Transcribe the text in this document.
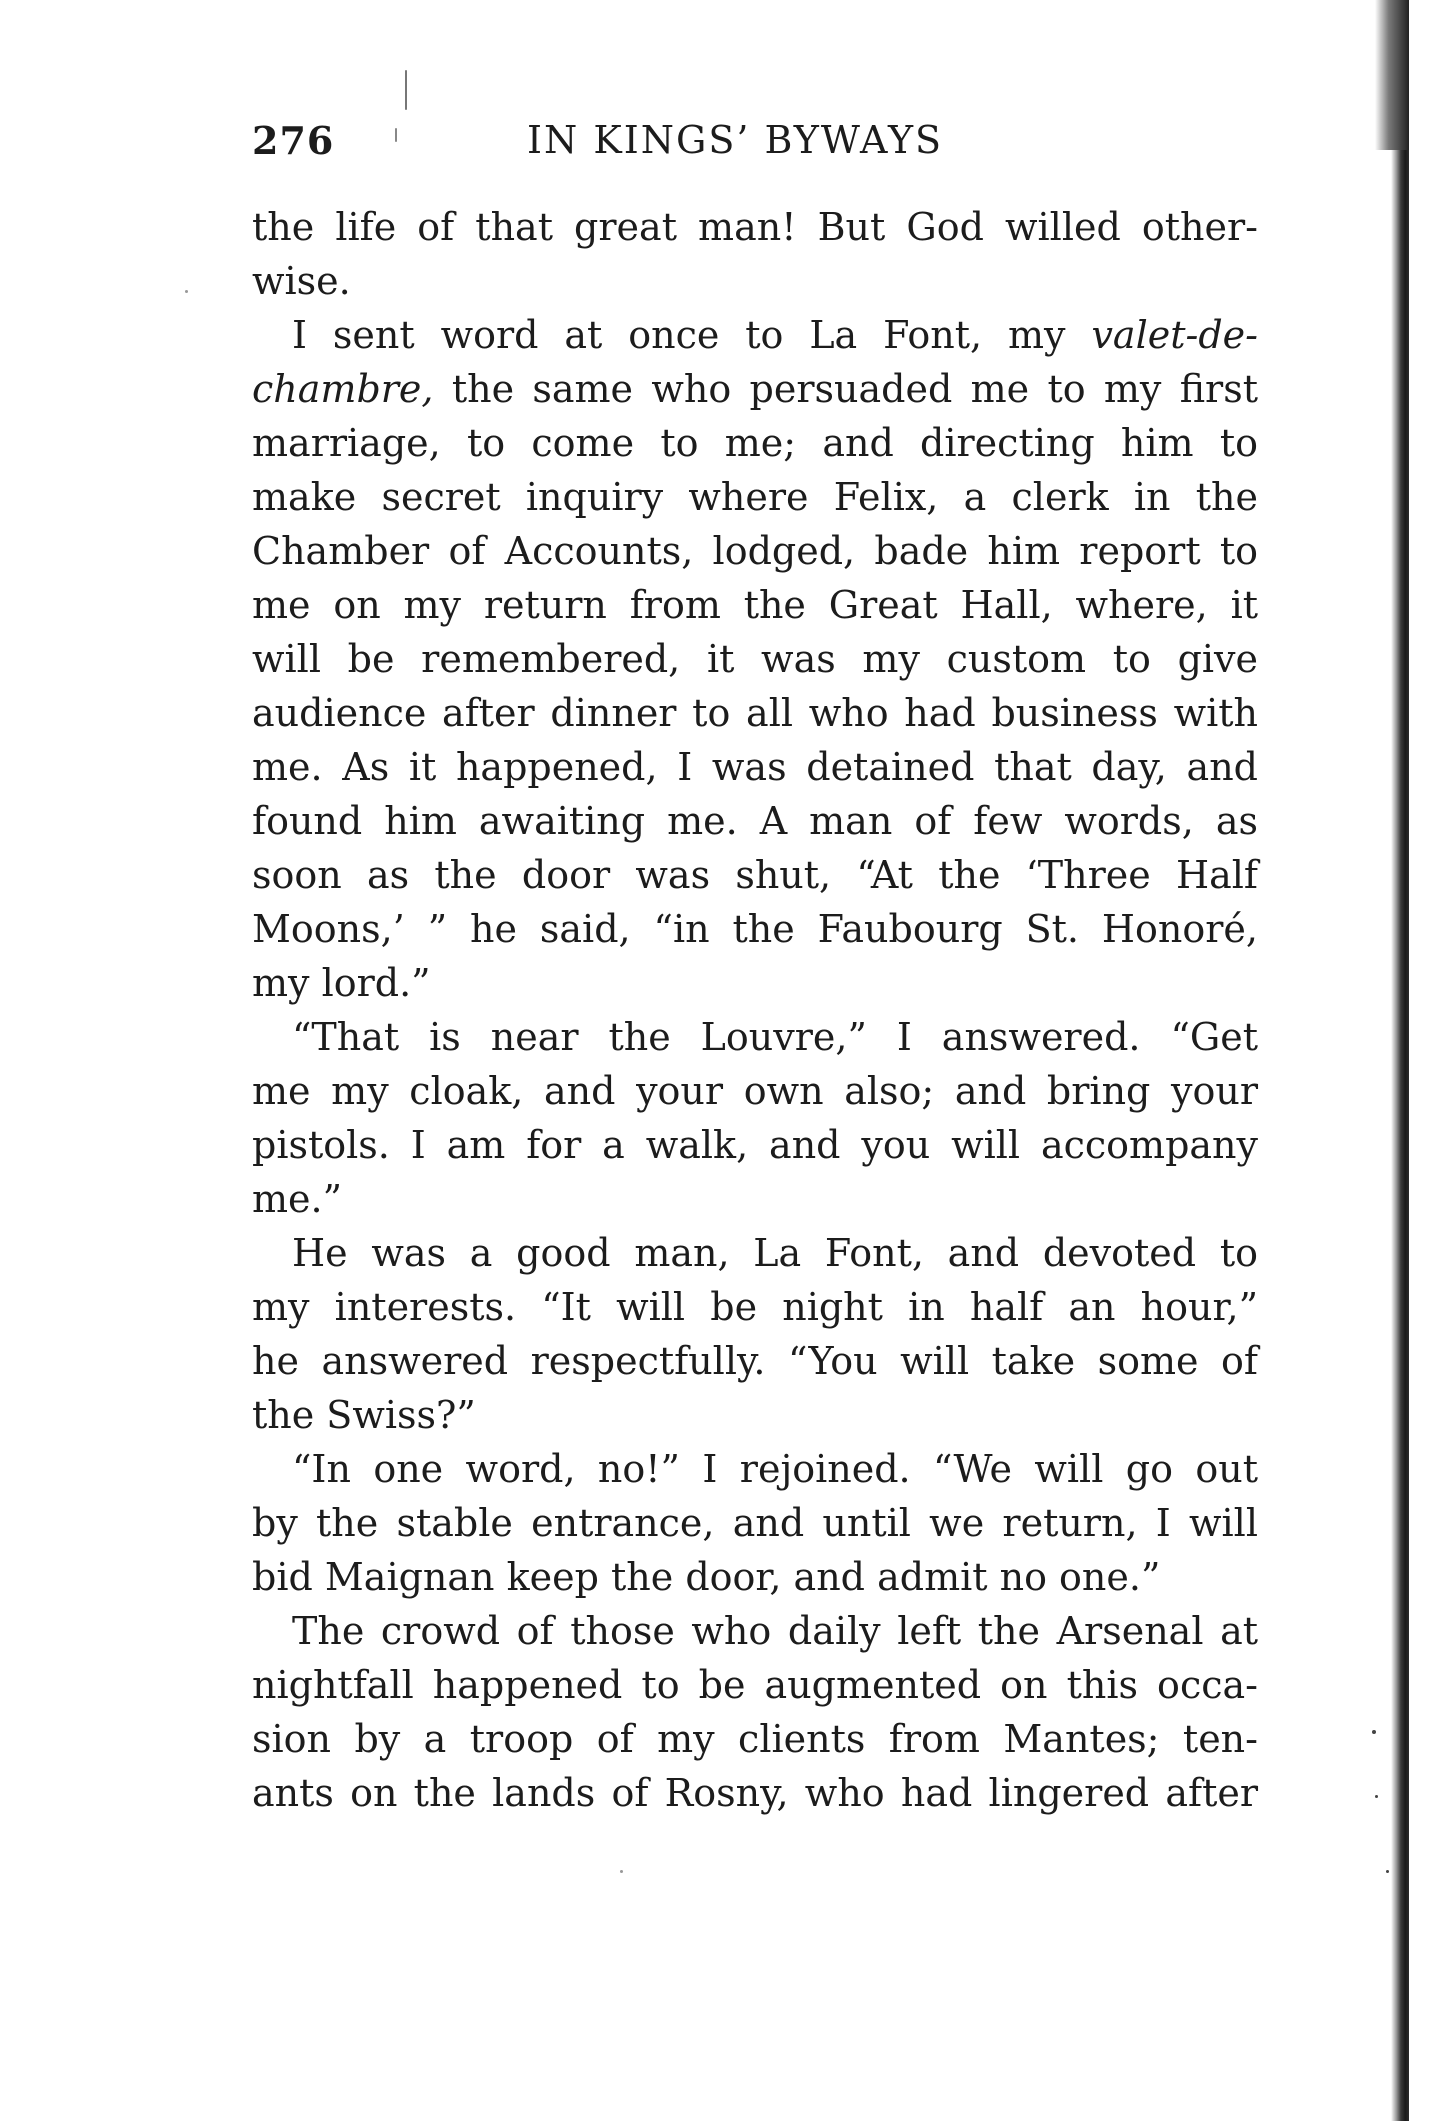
276	IN KINGS’ BYWAYS
the life of that great man! But God willed other-
wise.
I sent word at once to La Font, my valet-de-
chambre, the same who persuaded me to my first
marriage, to come to me; and directing him to
make secret inquiry where Felix, a clerk in the
Chamber of Accounts, lodged, bade him report to
me on my return from the Great Hall, where, it
will be remembered, it was my custom to give
audience after dinner to all who had business with
me. As it happened, I was detained that day, and
found him awaiting me. A man of few words, as
soon as the door was shut, “At the ‘Three Half
Moons,’ ” he said, “in the Faubourg St. Honoré,
my lord.”
“That is near the Louvre,” I answered. “Get
me my cloak, and your own also; and bring your
pistols. I am for a walk, and you will accompany
me.”
He was a good man, La Font, and devoted to
my interests. “It will be night in half an hour,”
he answered respectfully. “You will take some of
the Swiss?”
“In one word, no!” I rejoined. “We will go out
by the stable entrance, and until we return, I will
bid Maignan keep the door, and admit no one.”
The crowd of those who daily left the Arsenal at
nightfall happened to be augmented on this occa-
sion by a troop of my clients from Mantes; ten-
ants on the lands of Rosny, who had lingered after
